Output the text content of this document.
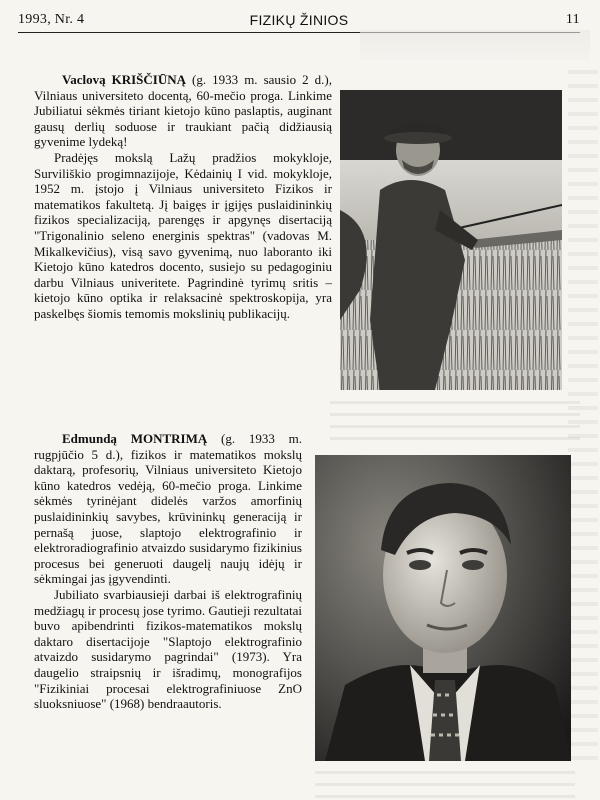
1993, Nr. 4	FIZIKŲ ŽINIOS	11

Vaclovą KRIŠČIŪNĄ (g. 1933 m. sausio 2 d.), Vilniaus universiteto docentą, 60-mečio proga. Linkime Jubiliatui sėkmės tiriant kietojo kūno paslaptis, auginant gausų derlių soduose ir traukiant pačią didžiausią gyvenime lydeką!

Pradėjęs mokslą Lažų pradžios mokykloje, Surviliškio progimnazijoje, Kėdainių I vid. mokykloje, 1952 m. įstojo į Vilniaus universiteto Fizikos ir matematikos fakultetą. Jį baigęs ir įgijęs puslaidininkių fizikos specializaciją, parengęs ir apgynęs disertaciją "Trigonalinio seleno energinis spektras" (vadovas M. Mikalkevičius), visą savo gyvenimą, nuo laboranto iki Kietojo kūno katedros docento, susiejo su pedagoginiu darbu Vilniaus univeritete. Pagrindinė tyrimų sritis – kietojo kūno optika ir relaksacinė spektroskopija, yra paskelbęs šiomis temomis mokslinių publikacijų.

Edmundą MONTRIMĄ (g. 1933 m. rugpjūčio 5 d.), fizikos ir matematikos mokslų daktarą, profesorių, Vilniaus universiteto Kietojo kūno katedros vedėją, 60-mečio proga. Linkime sėkmės tyrinėjant didelės varžos amorfinių puslaidininkių savybes, krūvininkų generaciją ir pernašą juose, slaptojo elektrografinio ir elektroradiografinio atvaizdo susidarymo fizikinius procesus bei generuoti daugelį naujų idėjų ir sėkmingai jas įgyvendinti.

Jubiliato svarbiausieji darbai iš elektrografinių medžiagų ir procesų jose tyrimo. Gautieji rezultatai buvo apibendrinti fizikos-matematikos mokslų daktaro disertacijoje "Slaptojo elektrografinio atvaizdo susidarymo pagrindai" (1973). Yra daugelio straipsnių ir išradimų, monografijos "Fizikiniai procesai elektrografiniuose ZnO sluoksniuose" (1968) bendraautoris.
